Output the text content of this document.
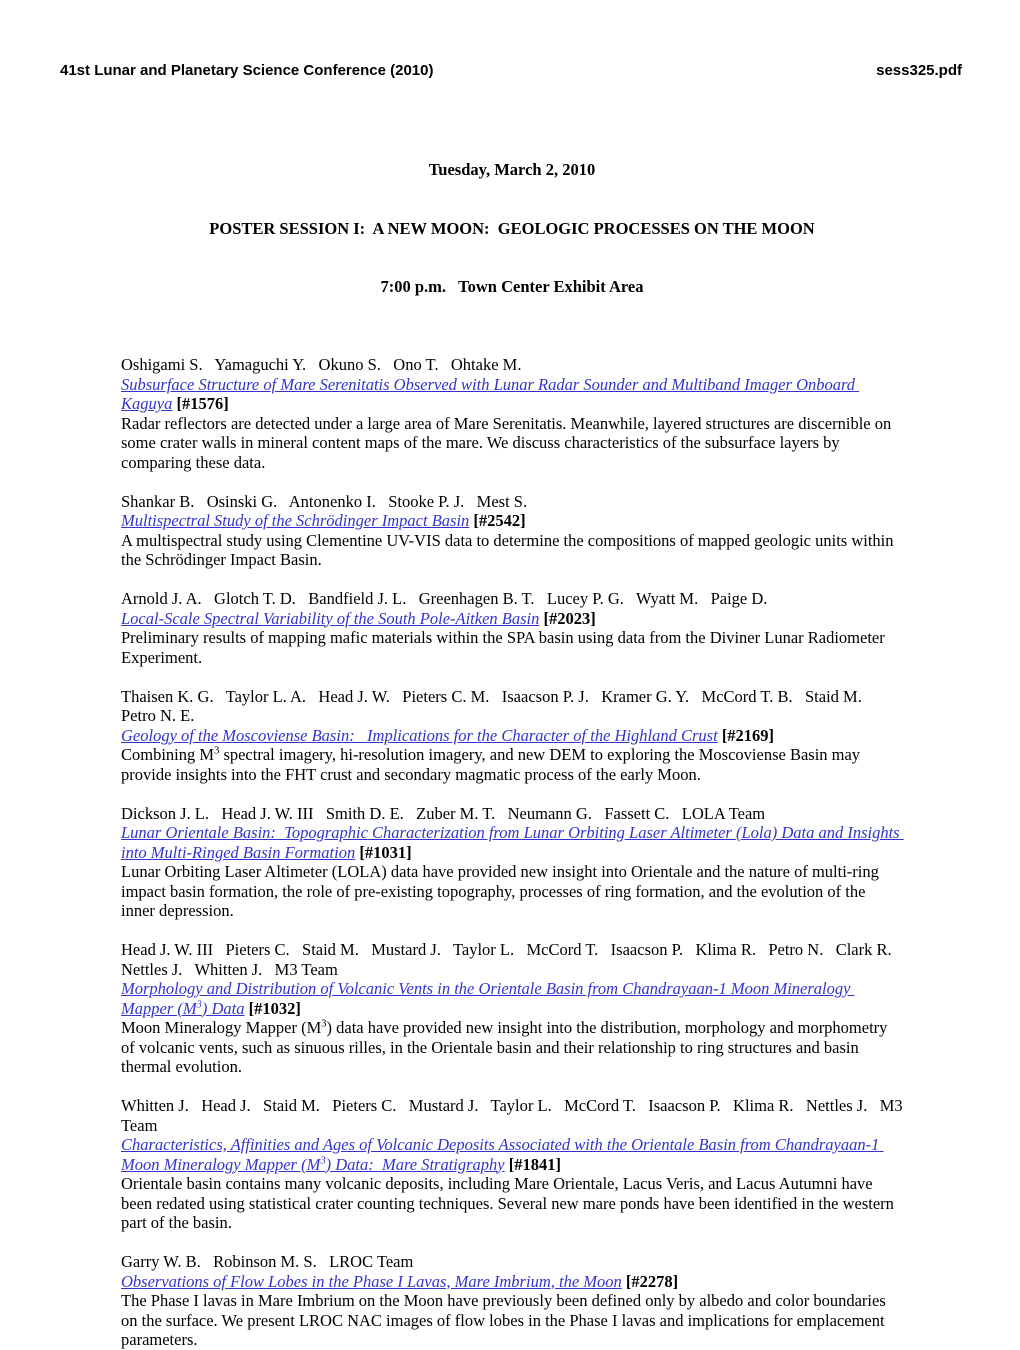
41st Lunar and Planetary Science Conference (2010)	sess325.pdf

Tuesday, March 2, 2010

POSTER SESSION I:  A NEW MOON:  GEOLOGIC PROCESSES ON THE MOON

7:00 p.m.   Town Center Exhibit Area

Oshigami S.   Yamaguchi Y.   Okuno S.   Ono T.   Ohtake M.
Subsurface Structure of Mare Serenitatis Observed with Lunar Radar Sounder and Multiband Imager Onboard Kaguya [#1576]
Radar reflectors are detected under a large area of Mare Serenitatis. Meanwhile, layered structures are discernible on some crater walls in mineral content maps of the mare. We discuss characteristics of the subsurface layers by comparing these data.
Shankar B.   Osinski G.   Antonenko I.   Stooke P. J.   Mest S.
Multispectral Study of the Schrödinger Impact Basin [#2542]
A multispectral study using Clementine UV-VIS data to determine the compositions of mapped geologic units within the Schrödinger Impact Basin.
Arnold J. A.   Glotch T. D.   Bandfield J. L.   Greenhagen B. T.   Lucey P. G.   Wyatt M.   Paige D.
Local-Scale Spectral Variability of the South Pole-Aitken Basin [#2023]
Preliminary results of mapping mafic materials within the SPA basin using data from the Diviner Lunar Radiometer Experiment.
Thaisen K. G.   Taylor L. A.   Head J. W.   Pieters C. M.   Isaacson P. J.   Kramer G. Y.   McCord T. B.   Staid M.   Petro N. E.
Geology of the Moscoviense Basin:   Implications for the Character of the Highland Crust [#2169]
Combining $M^3$ spectral imagery, hi-resolution imagery, and new DEM to exploring the Moscoviense Basin may provide insights into the FHT crust and secondary magmatic process of the early Moon.
Dickson J. L.   Head J. W. III   Smith D. E.   Zuber M. T.   Neumann G.   Fassett C.   LOLA Team
Lunar Orientale Basin:  Topographic Characterization from Lunar Orbiting Laser Altimeter (Lola) Data and Insights into Multi-Ringed Basin Formation [#1031]
Lunar Orbiting Laser Altimeter (LOLA) data have provided new insight into Orientale and the nature of multi-ring impact basin formation, the role of pre-existing topography, processes of ring formation, and the evolution of the inner depression.
Head J. W. III   Pieters C.   Staid M.   Mustard J.   Taylor L.   McCord T.   Isaacson P.   Klima R.   Petro N.   Clark R.   Nettles J.   Whitten J.   M3 Team
Morphology and Distribution of Volcanic Vents in the Orientale Basin from Chandrayaan-1 Moon Mineralogy Mapper $(M^3)$ Data [#1032]
Moon Mineralogy Mapper $(M^3)$ data have provided new insight into the distribution, morphology and morphometry of volcanic vents, such as sinuous rilles, in the Orientale basin and their relationship to ring structures and basin thermal evolution.
Whitten J.   Head J.   Staid M.   Pieters C.   Mustard J.   Taylor L.   McCord T.   Isaacson P.   Klima R.   Nettles J.   M3 Team
Characteristics, Affinities and Ages of Volcanic Deposits Associated with the Orientale Basin from Chandrayaan-1 Moon Mineralogy Mapper $(M^3)$ Data:  Mare Stratigraphy [#1841]
Orientale basin contains many volcanic deposits, including Mare Orientale, Lacus Veris, and Lacus Autumni have been redated using statistical crater counting techniques. Several new mare ponds have been identified in the western part of the basin.
Garry W. B.   Robinson M. S.   LROC Team
Observations of Flow Lobes in the Phase I Lavas, Mare Imbrium, the Moon [#2278]
The Phase I lavas in Mare Imbrium on the Moon have previously been defined only by albedo and color boundaries on the surface. We present LROC NAC images of flow lobes in the Phase I lavas and implications for emplacement parameters.
